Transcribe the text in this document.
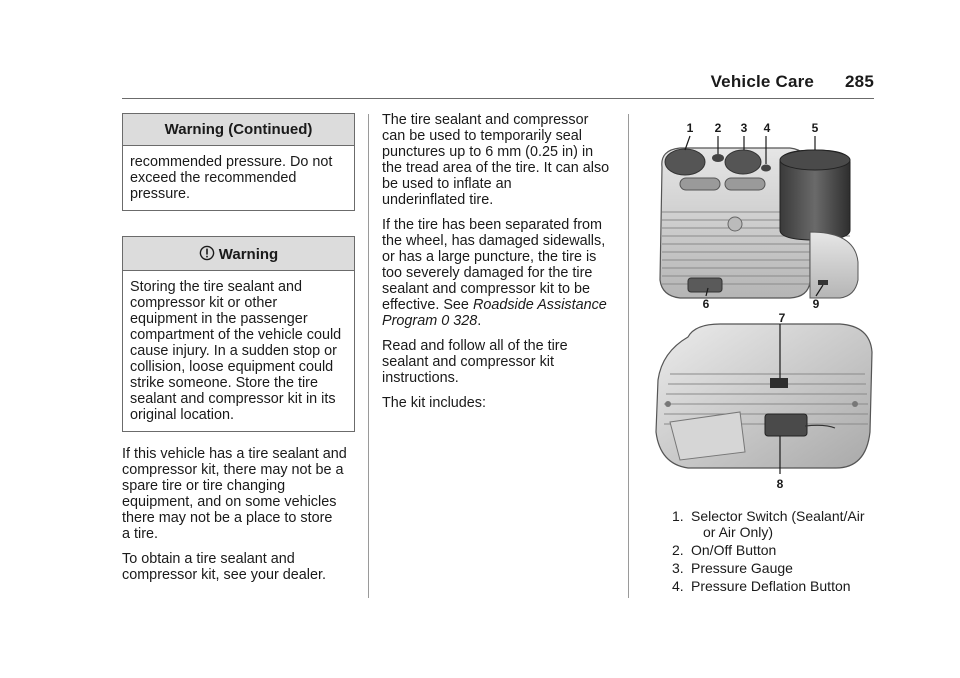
Vehicle Care 285
Warning (Continued)
recommended pressure. Do not
exceed the recommended
pressure.
Warning
Storing the tire sealant and
compressor kit or other
equipment in the passenger
compartment of the vehicle could
cause injury. In a sudden stop or
collision, loose equipment could
strike someone. Store the tire
sealant and compressor kit in its
original location.

If this vehicle has a tire sealant and
compressor kit, there may not be a
spare tire or tire changing
equipment, and on some vehicles
there may not be a place to store
a tire.

To obtain a tire sealant and
compressor kit, see your dealer.

The tire sealant and compressor
can be used to temporarily seal
punctures up to 6 mm (0.25 in) in
the tread area of the tire. It can also
be used to inflate an
underinflated tire.

If the tire has been separated from
the wheel, has damaged sidewalls,
or has a large puncture, the tire is
too severely damaged for the tire
sealant and compressor kit to be
effective. See Roadside Assistance
Program 0 328.

Read and follow all of the tire
sealant and compressor kit
instructions.

The kit includes:

1 2 3 4	5
6	9
7
8
1. Selector Switch (Sealant/Air
or Air Only)
2. On/Off Button
3. Pressure Gauge
4. Pressure Deflation Button
